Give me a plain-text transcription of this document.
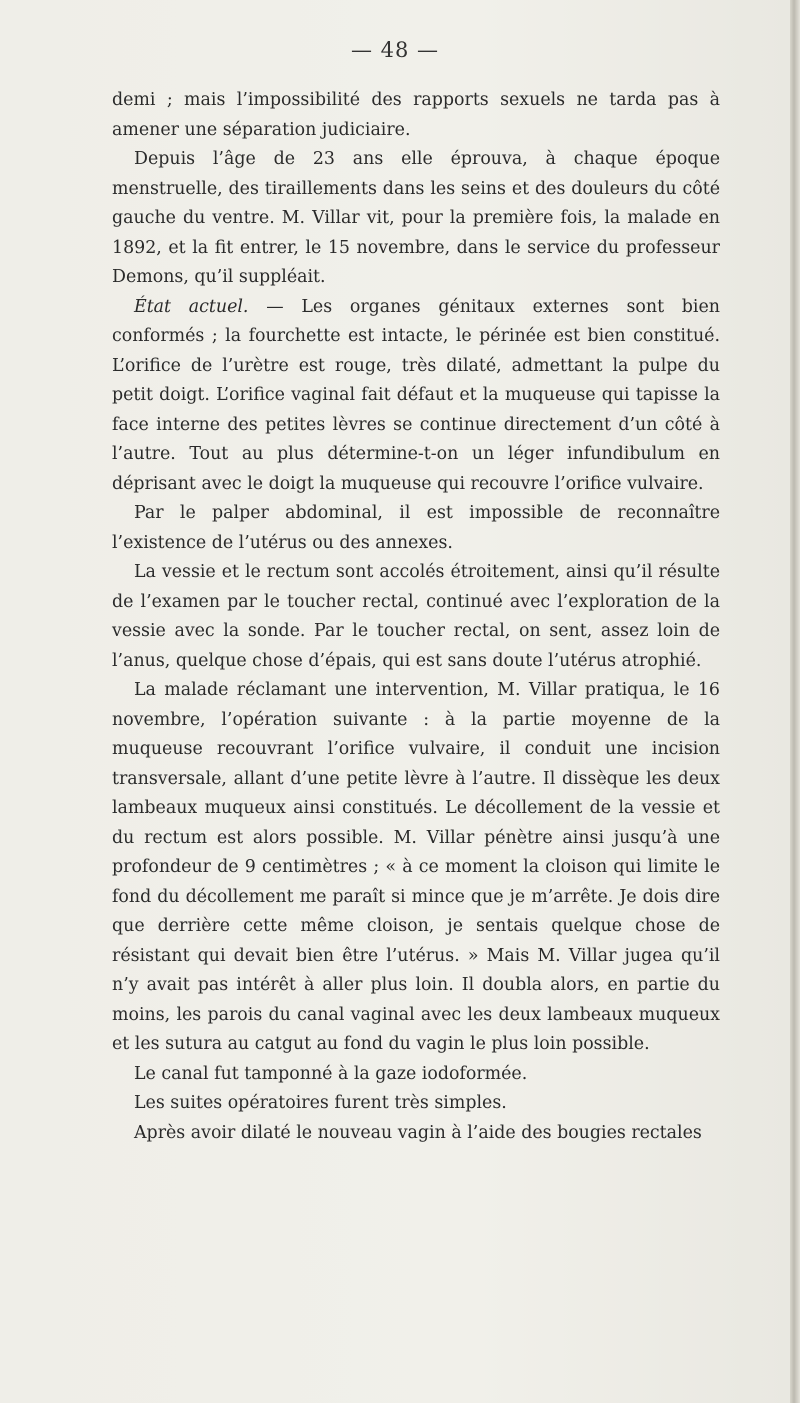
— 48 —

demi ; mais l’impossibilité des rapports sexuels ne tarda pas à amener une séparation judiciaire.

Depuis l’âge de 23 ans elle éprouva, à chaque époque menstruelle, des tiraillements dans les seins et des douleurs du côté gauche du ventre. M. Villar vit, pour la première fois, la malade en 1892, et la fit entrer, le 15 novembre, dans le service du professeur Demons, qu’il suppléait.

État actuel. — Les organes génitaux externes sont bien conformés ; la fourchette est intacte, le périnée est bien constitué. L’orifice de l’urètre est rouge, très dilaté, admettant la pulpe du petit doigt. L’orifice vaginal fait défaut et la muqueuse qui tapisse la face interne des petites lèvres se continue directement d’un côté à l’autre. Tout au plus détermine-t-on un léger infundibulum en déprisant avec le doigt la muqueuse qui recouvre l’orifice vulvaire.

Par le palper abdominal, il est impossible de reconnaître l’existence de l’utérus ou des annexes.

La vessie et le rectum sont accolés étroitement, ainsi qu’il résulte de l’examen par le toucher rectal, continué avec l’exploration de la vessie avec la sonde. Par le toucher rectal, on sent, assez loin de l’anus, quelque chose d’épais, qui est sans doute l’utérus atrophié.

La malade réclamant une intervention, M. Villar pratiqua, le 16 novembre, l’opération suivante : à la partie moyenne de la muqueuse recouvrant l’orifice vulvaire, il conduit une incision transversale, allant d’une petite lèvre à l’autre. Il dissèque les deux lambeaux muqueux ainsi constitués. Le décollement de la vessie et du rectum est alors possible. M. Villar pénètre ainsi jusqu’à une profondeur de 9 centimètres ; « à ce moment la cloison qui limite le fond du décollement me paraît si mince que je m’arrête. Je dois dire que derrière cette même cloison, je sentais quelque chose de résistant qui devait bien être l’utérus. » Mais M. Villar jugea qu’il n’y avait pas intérêt à aller plus loin. Il doubla alors, en partie du moins, les parois du canal vaginal avec les deux lambeaux muqueux et les sutura au catgut au fond du vagin le plus loin possible.

Le canal fut tamponné à la gaze iodoformée.

Les suites opératoires furent très simples.

Après avoir dilaté le nouveau vagin à l’aide des bougies rectales
